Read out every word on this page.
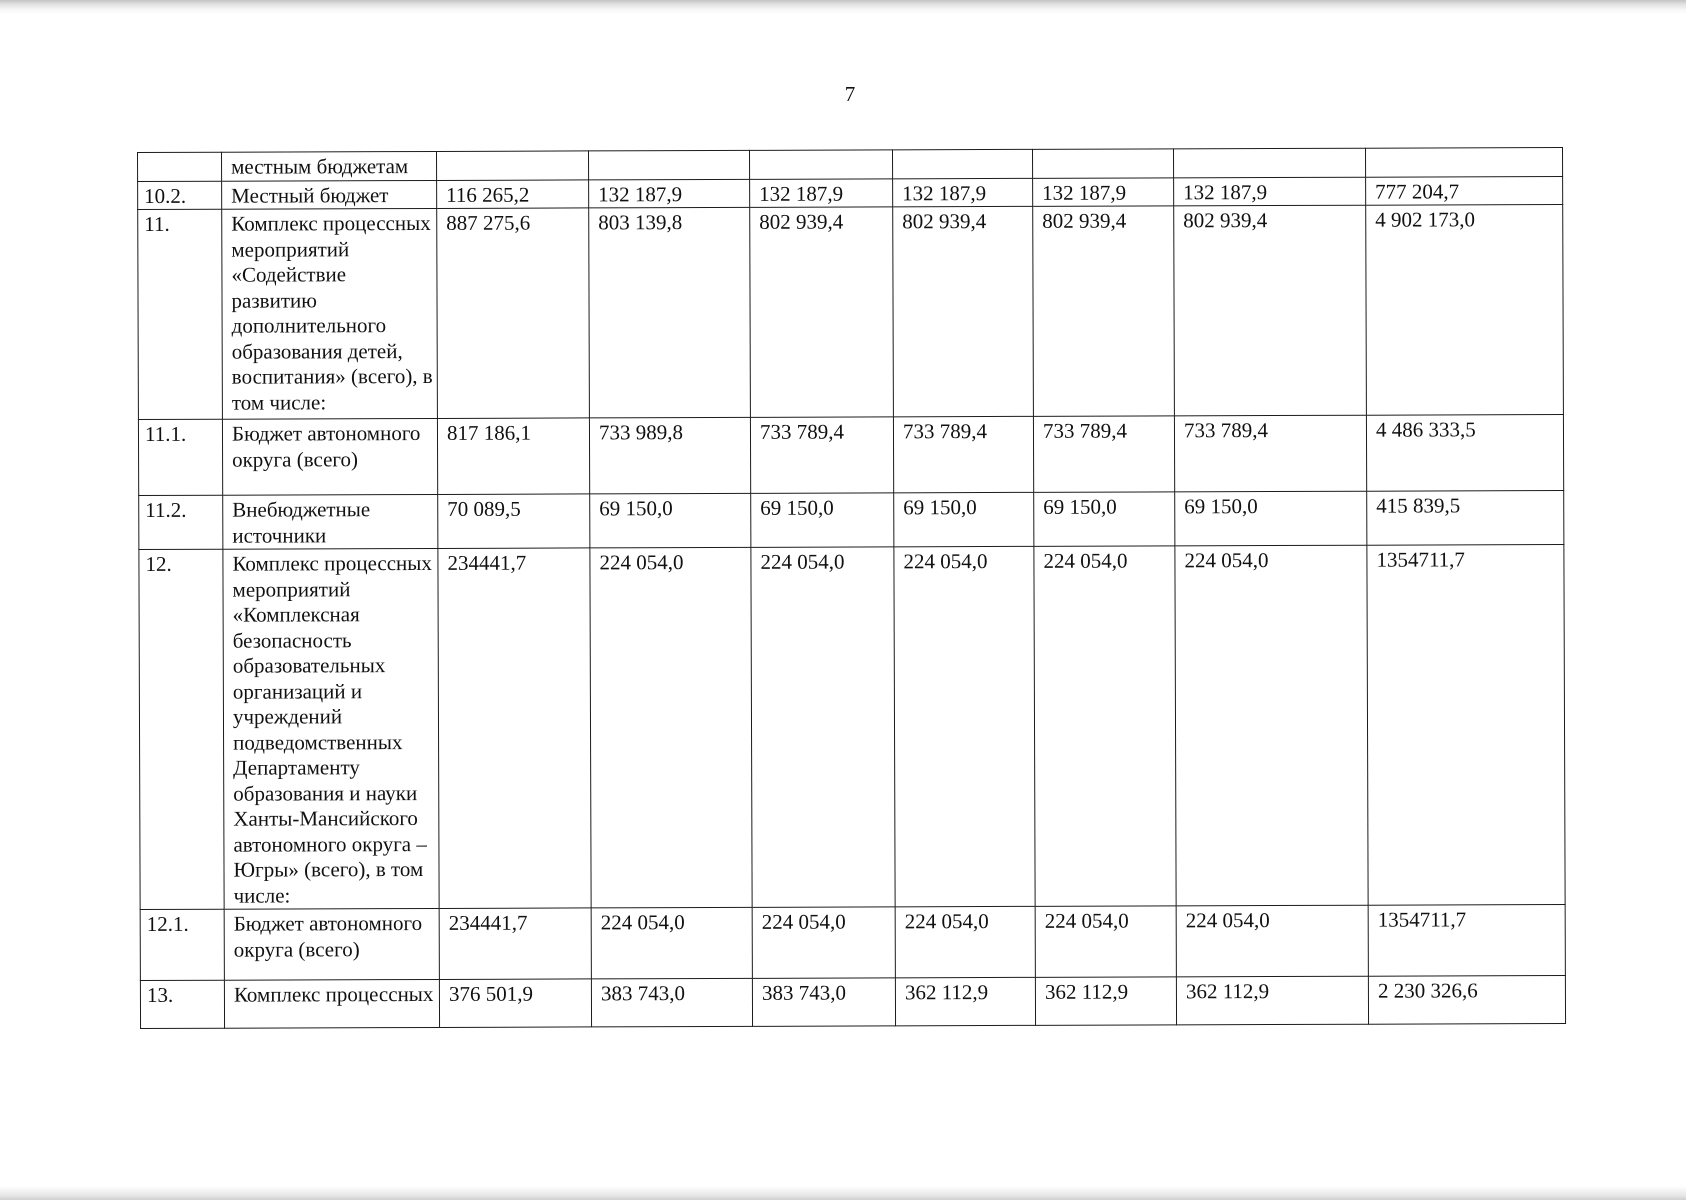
7
	местным бюджетам							
10.2.	Местный бюджет	116 265,2	132 187,9	132 187,9	132 187,9	132 187,9	132 187,9	777 204,7
11.	Комплекс процессных мероприятий «Содействие развитию дополнительного образования детей, воспитания» (всего), в том числе:	887 275,6	803 139,8	802 939,4	802 939,4	802 939,4	802 939,4	4 902 173,0
11.1.	Бюджет автономного округа (всего)	817 186,1	733 989,8	733 789,4	733 789,4	733 789,4	733 789,4	4 486 333,5
11.2.	Внебюджетные источники	70 089,5	69 150,0	69 150,0	69 150,0	69 150,0	69 150,0	415 839,5
12.	Комплекс процессных мероприятий «Комплексная безопасность образовательных организаций и учреждений подведомственных Департаменту образования и науки Ханты-Мансийского автономного округа – Югры» (всего), в том числе:	234441,7	224 054,0	224 054,0	224 054,0	224 054,0	224 054,0	1354711,7
12.1.	Бюджет автономного округа (всего)	234441,7	224 054,0	224 054,0	224 054,0	224 054,0	224 054,0	1354711,7
13.	Комплекс процессных	376 501,9	383 743,0	383 743,0	362 112,9	362 112,9	362 112,9	2 230 326,6
